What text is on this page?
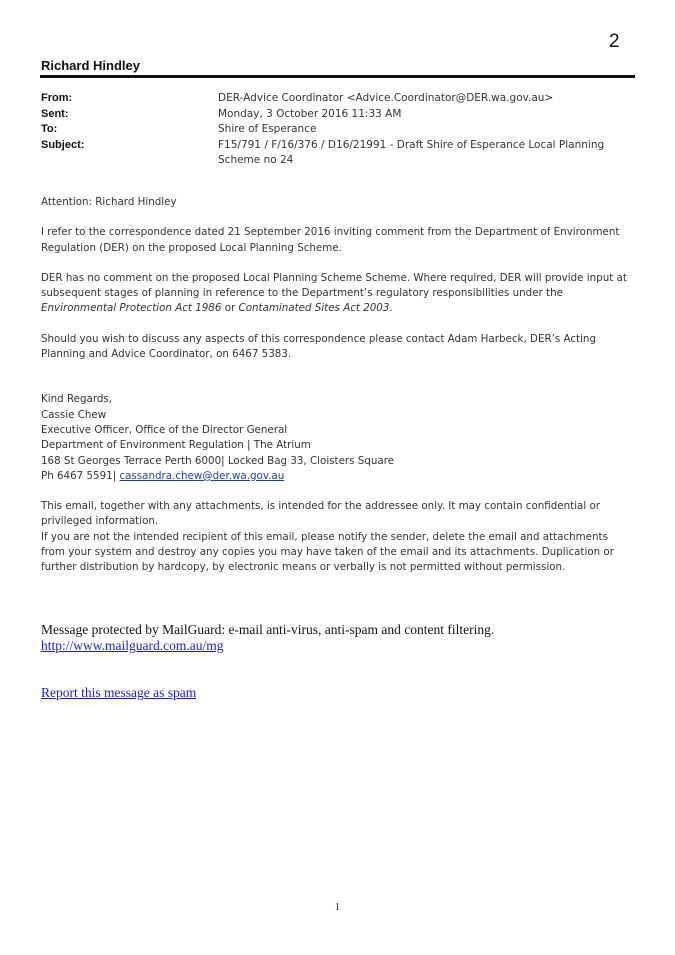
2
Richard Hindley
From:	DER-Advice Coordinator <Advice.Coordinator@DER.wa.gov.au>
Sent:	Monday, 3 October 2016 11:33 AM
To:	Shire of Esperance
Subject:	F15/791 / F/16/376 / D16/21991 - Draft Shire of Esperance Local Planning Scheme no 24

Attention: Richard Hindley

I refer to the correspondence dated 21 September 2016 inviting comment from the Department of Environment Regulation (DER) on the proposed Local Planning Scheme.

DER has no comment on the proposed Local Planning Scheme Scheme. Where required, DER will provide input at subsequent stages of planning in reference to the Department’s regulatory responsibilities under the Environmental Protection Act 1986 or Contaminated Sites Act 2003.

Should you wish to discuss any aspects of this correspondence please contact Adam Harbeck, DER’s Acting Planning and Advice Coordinator, on 6467 5383.

Kind Regards,
Cassie Chew
Executive Officer, Office of the Director General
Department of Environment Regulation | The Atrium
168 St Georges Terrace Perth 6000| Locked Bag 33, Cloisters Square
Ph 6467 5591| cassandra.chew@der.wa.gov.au

This email, together with any attachments, is intended for the addressee only. It may contain confidential or privileged information.

If you are not the intended recipient of this email, please notify the sender, delete the email and attachments from your system and destroy any copies you may have taken of the email and its attachments. Duplication or further distribution by hardcopy, by electronic means or verbally is not permitted without permission.

Message protected by MailGuard: e-mail anti-virus, anti-spam and content filtering.
http://www.mailguard.com.au/mg
Report this message as spam
1
